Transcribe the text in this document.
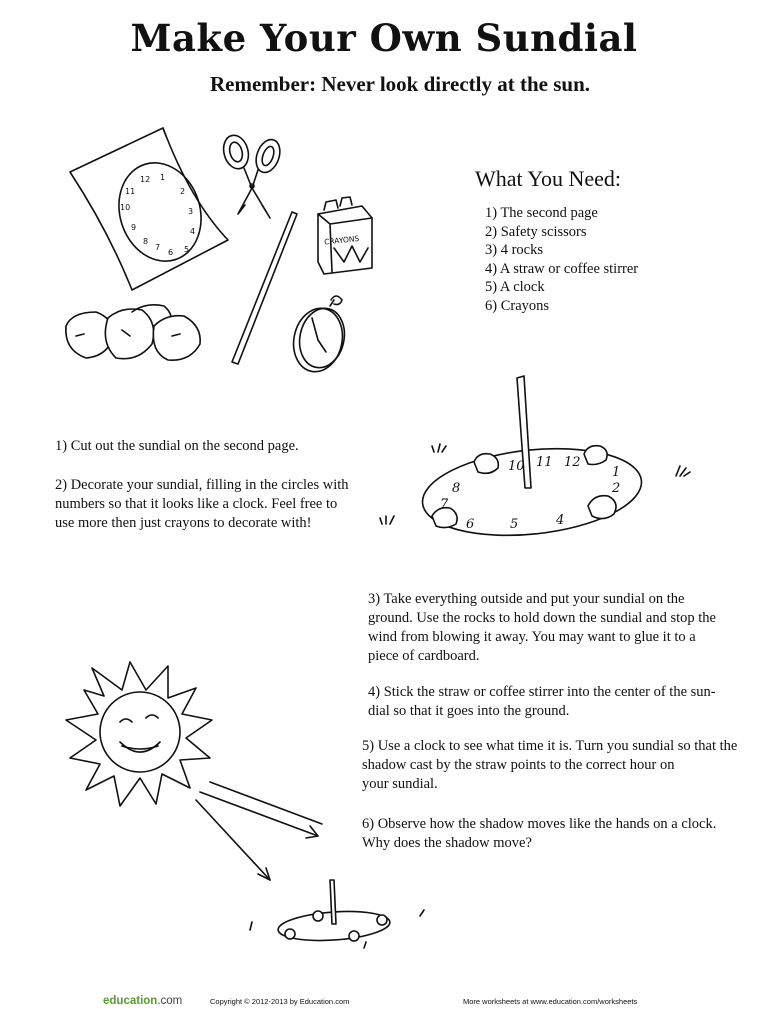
Make Your Own Sundial
Remember: Never look directly at the sun.
12 1
2
3
4
5
6
7
8
9
10
11
CRAYONS
What You Need:
1) The second page
2) Safety scissors
3) 4 rocks
4) A straw or coffee stirrer
5) A clock
6) Crayons
1) Cut out the sundial on the second page.
2) Decorate your sundial, filling in the circles with
numbers so that it looks like a clock. Feel free to
use more then just crayons to decorate with!
10 11 12
1
2
4
5
6
7
8
3) Take everything outside and put your sundial on the
ground. Use the rocks to hold down the sundial and stop the
wind from blowing it away. You may want to glue it to a
piece of cardboard.
4) Stick the straw or coffee stirrer into the center of the sun-
dial so that it goes into the ground.
5) Use a clock to see what time it is. Turn you sundial so that the
shadow cast by the straw points to the correct hour on
your sundial.
6) Observe how the shadow moves like the hands on a clock.
Why does the shadow move?
education.com	Copyright © 2012-2013 by Education.com	More worksheets at www.education.com/worksheets
